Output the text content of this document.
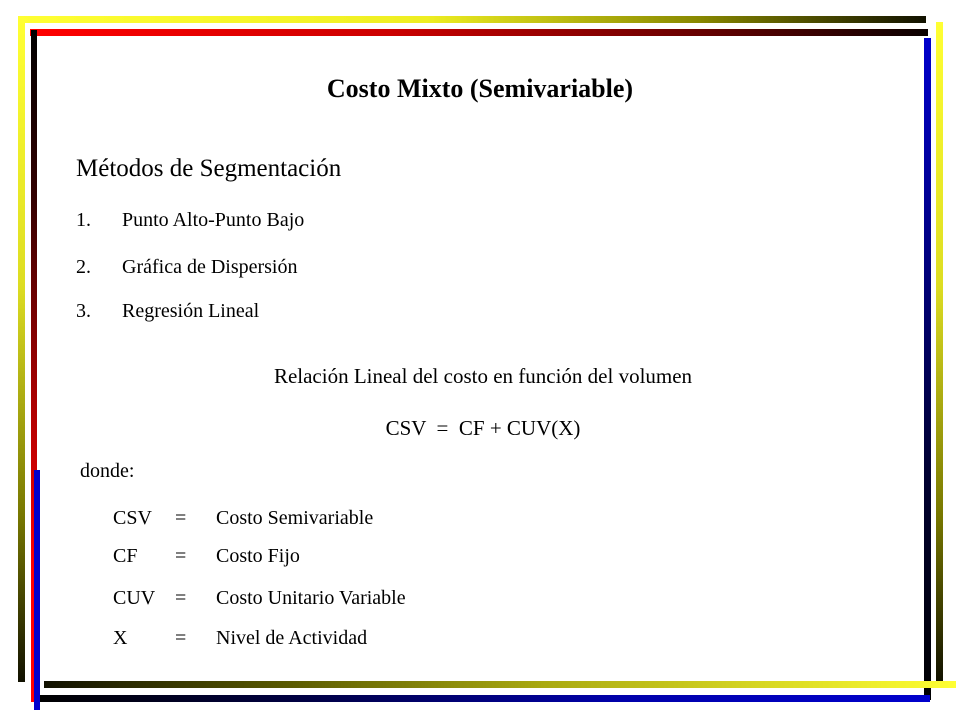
Costo Mixto (Semivariable)
Métodos de Segmentación
1. Punto Alto-Punto Bajo
2. Gráfica de Dispersión
3. Regresión Lineal
Relación Lineal del costo en función del volumen
CSV  =  CF + CUV(X)
donde:
CSV = Costo Semivariable
CF = Costo Fijo
CUV = Costo Unitario Variable
X = Nivel de Actividad
